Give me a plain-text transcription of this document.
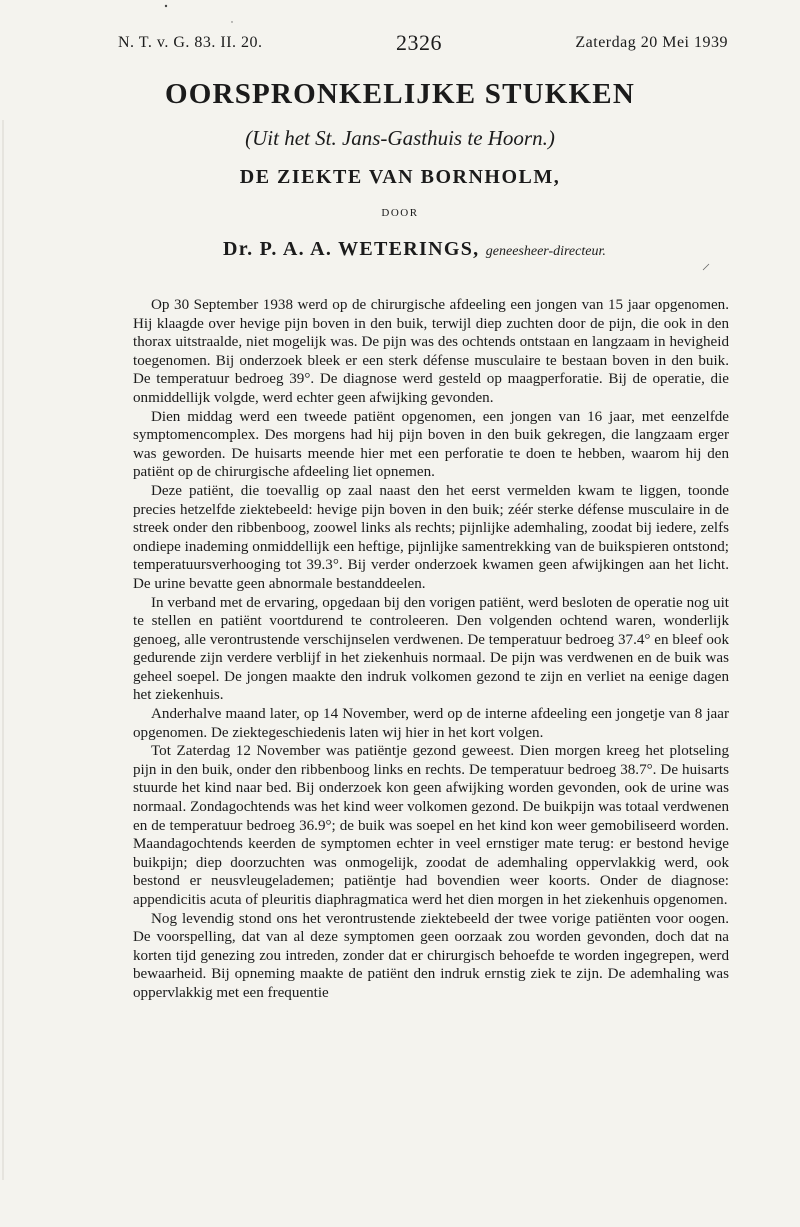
N. T. v. G. 83. II. 20.	2326	Zaterdag 20 Mei 1939
OORSPRONKELIJKE STUKKEN
(Uit het St. Jans-Gasthuis te Hoorn.)
DE ZIEKTE VAN BORNHOLM,
DOOR
Dr. P. A. A. WETERINGS, geneesheer-directeur.

Op 30 September 1938 werd op de chirurgische afdeeling een jongen van 15 jaar opgenomen. Hij klaagde over hevige pijn boven in den buik, terwijl diep zuchten door de pijn, die ook in den thorax uitstraalde, niet mogelijk was. De pijn was des ochtends ontstaan en langzaam in hevigheid toegenomen. Bij onderzoek bleek er een sterk défense musculaire te bestaan boven in den buik. De temperatuur bedroeg 39°. De diagnose werd gesteld op maagperforatie. Bij de operatie, die onmiddellijk volgde, werd echter geen afwijking gevonden.

Dien middag werd een tweede patiënt opgenomen, een jongen van 16 jaar, met eenzelfde symptomencomplex. Des morgens had hij pijn boven in den buik gekregen, die langzaam erger was geworden. De huisarts meende hier met een perforatie te doen te hebben, waarom hij den patiënt op de chirurgische afdeeling liet opnemen.

Deze patiënt, die toevallig op zaal naast den het eerst vermelden kwam te liggen, toonde precies hetzelfde ziektebeeld: hevige pijn boven in den buik; zéér sterke défense musculaire in de streek onder den ribbenboog, zoowel links als rechts; pijnlijke ademhaling, zoodat bij iedere, zelfs ondiepe inademing onmiddellijk een heftige, pijnlijke samentrekking van de buikspieren ontstond; temperatuursverhooging tot 39.3°. Bij verder onderzoek kwamen geen afwijkingen aan het licht. De urine bevatte geen abnormale bestanddeelen.

In verband met de ervaring, opgedaan bij den vorigen patiënt, werd besloten de operatie nog uit te stellen en patiënt voortdurend te controleeren. Den volgenden ochtend waren, wonderlijk genoeg, alle verontrustende verschijnselen verdwenen. De temperatuur bedroeg 37.4° en bleef ook gedurende zijn verdere verblijf in het ziekenhuis normaal. De pijn was verdwenen en de buik was geheel soepel. De jongen maakte den indruk volkomen gezond te zijn en verliet na eenige dagen het ziekenhuis.

Anderhalve maand later, op 14 November, werd op de interne afdeeling een jongetje van 8 jaar opgenomen. De ziektegeschiedenis laten wij hier in het kort volgen.

Tot Zaterdag 12 November was patiëntje gezond geweest. Dien morgen kreeg het plotseling pijn in den buik, onder den ribbenboog links en rechts. De temperatuur bedroeg 38.7°. De huisarts stuurde het kind naar bed. Bij onderzoek kon geen afwijking worden gevonden, ook de urine was normaal. Zondagochtends was het kind weer volkomen gezond. De buikpijn was totaal verdwenen en de temperatuur bedroeg 36.9°; de buik was soepel en het kind kon weer gemobiliseerd worden. Maandagochtends keerden de symptomen echter in veel ernstiger mate terug: er bestond hevige buikpijn; diep doorzuchten was onmogelijk, zoodat de ademhaling oppervlakkig werd, ook bestond er neusvleugelademen; patiëntje had bovendien weer koorts. Onder de diagnose: appendicitis acuta of pleuritis diaphragmatica werd het dien morgen in het ziekenhuis opgenomen.

Nog levendig stond ons het verontrustende ziektebeeld der twee vorige patiënten voor oogen. De voorspelling, dat van al deze symptomen geen oorzaak zou worden gevonden, doch dat na korten tijd genezing zou intreden, zonder dat er chirurgisch behoefde te worden ingegrepen, werd bewaarheid. Bij opneming maakte de patiënt den indruk ernstig ziek te zijn. De ademhaling was oppervlakkig met een frequentie
